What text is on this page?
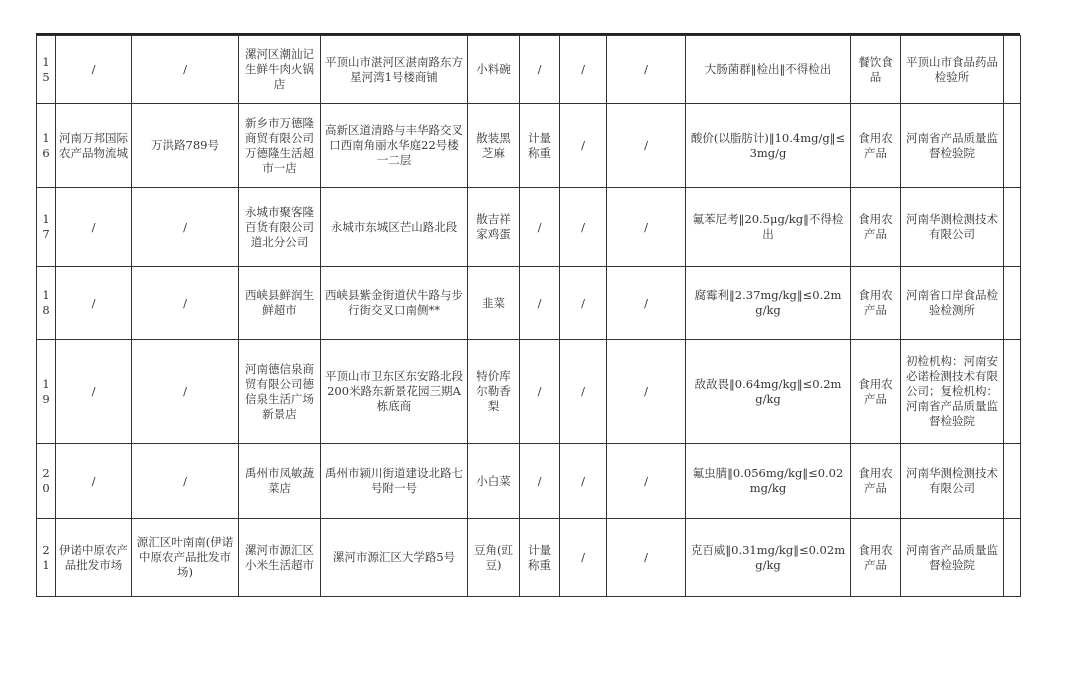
15	/	/	漯河区潮汕记生鲜牛肉火锅店	平顶山市湛河区湛南路东方星河湾1号楼商铺	小料碗	/	/	/	大肠菌群‖检出‖不得检出	餐饮食品	平顶山市食品药品检验所	
16	河南万邦国际农产品物流城	万洪路789号	新乡市万德隆商贸有限公司万德隆生活超市一店	高新区道清路与丰华路交叉口西南角丽水华庭22号楼一二层	散装黑芝麻	计量称重	/	/	酸价(以脂肪计)‖10.4mg/g‖≤3mg/g	食用农产品	河南省产品质量监督检验院	
17	/	/	永城市聚客隆百货有限公司道北分公司	永城市东城区芒山路北段	散吉祥家鸡蛋	/	/	/	氟苯尼考‖20.5μg/kg‖不得检出	食用农产品	河南华测检测技术有限公司	
18	/	/	西峡县鲜润生鲜超市	西峡县紫金街道伏牛路与步行街交叉口南侧**	韭菜	/	/	/	腐霉利‖2.37mg/kg‖≤0.2mg/kg	食用农产品	河南省口岸食品检验检测所	
19	/	/	河南德信泉商贸有限公司德信泉生活广场新景店	平顶山市卫东区东安路北段200米路东新景花园三期A栋底商	特价库尔勒香梨	/	/	/	敌敌畏‖0.64mg/kg‖≤0.2mg/kg	食用农产品	初检机构：河南安必诺检测技术有限公司；复检机构：河南省产品质量监督检验院	
20	/	/	禹州市凤敏蔬菜店	禹州市颍川街道建设北路七号附一号	小白菜	/	/	/	氟虫腈‖0.056mg/kg‖≤0.02mg/kg	食用农产品	河南华测检测技术有限公司	
21	伊诺中原农产品批发市场	源汇区叶南南(伊诺中原农产品批发市场)	漯河市源汇区小米生活超市	漯河市源汇区大学路5号	豆角(豇豆)	计量称重	/	/	克百威‖0.31mg/kg‖≤0.02mg/kg	食用农产品	河南省产品质量监督检验院	
